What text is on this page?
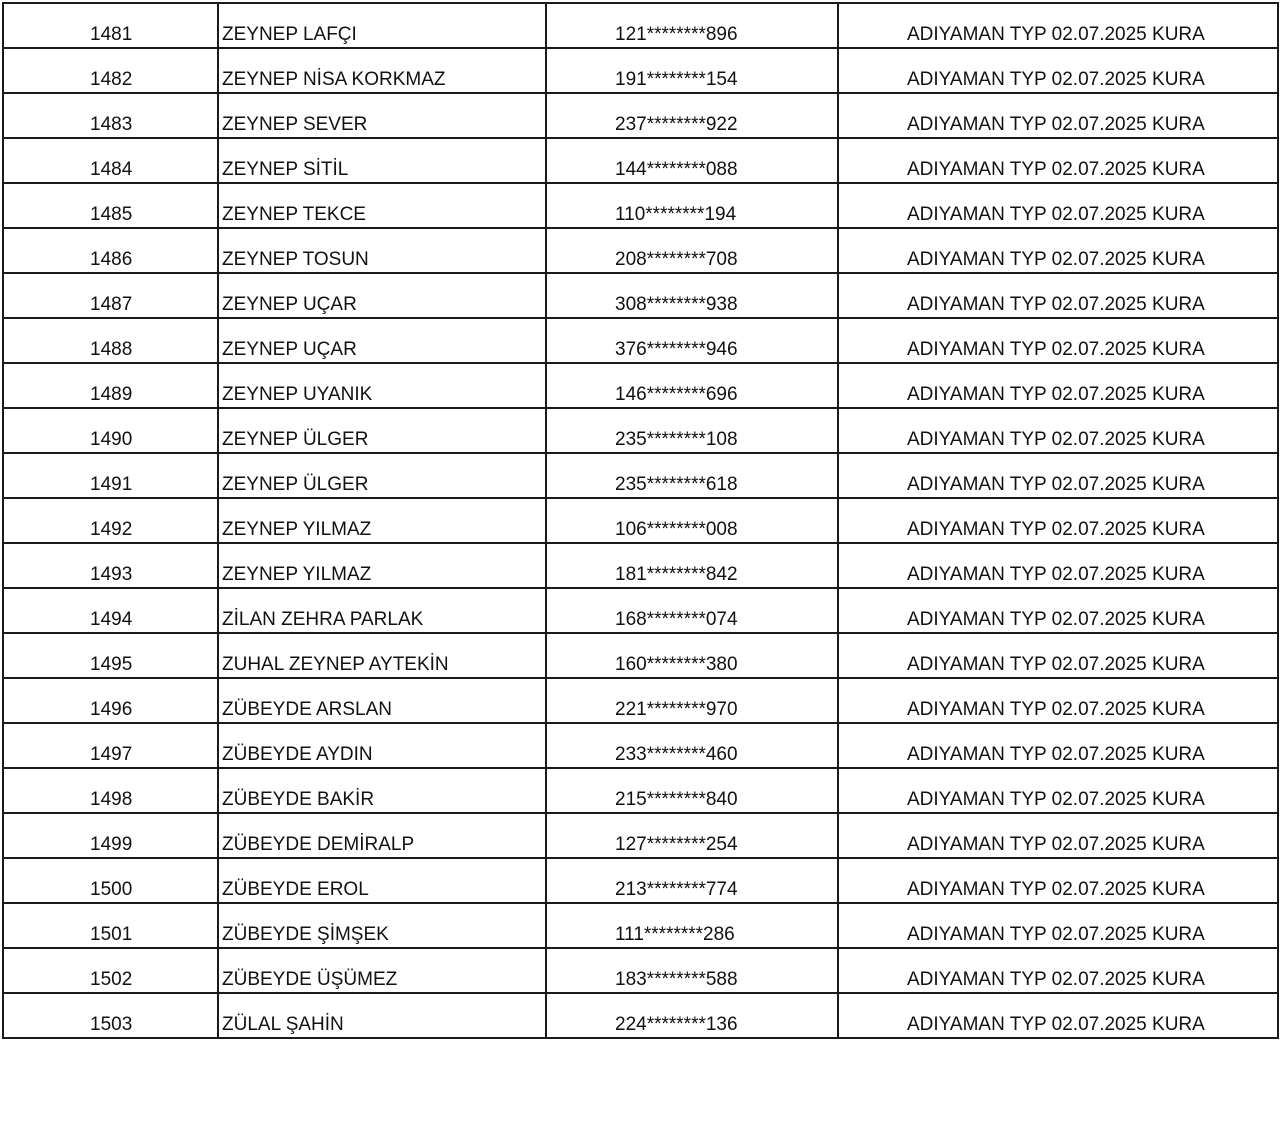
1481	ZEYNEP LAFÇI	121********896	ADIYAMAN TYP 02.07.2025 KURA
1482	ZEYNEP NİSA KORKMAZ	191********154	ADIYAMAN TYP 02.07.2025 KURA
1483	ZEYNEP SEVER	237********922	ADIYAMAN TYP 02.07.2025 KURA
1484	ZEYNEP SİTİL	144********088	ADIYAMAN TYP 02.07.2025 KURA
1485	ZEYNEP TEKCE	110********194	ADIYAMAN TYP 02.07.2025 KURA
1486	ZEYNEP TOSUN	208********708	ADIYAMAN TYP 02.07.2025 KURA
1487	ZEYNEP UÇAR	308********938	ADIYAMAN TYP 02.07.2025 KURA
1488	ZEYNEP UÇAR	376********946	ADIYAMAN TYP 02.07.2025 KURA
1489	ZEYNEP UYANIK	146********696	ADIYAMAN TYP 02.07.2025 KURA
1490	ZEYNEP ÜLGER	235********108	ADIYAMAN TYP 02.07.2025 KURA
1491	ZEYNEP ÜLGER	235********618	ADIYAMAN TYP 02.07.2025 KURA
1492	ZEYNEP YILMAZ	106********008	ADIYAMAN TYP 02.07.2025 KURA
1493	ZEYNEP YILMAZ	181********842	ADIYAMAN TYP 02.07.2025 KURA
1494	ZİLAN ZEHRA PARLAK	168********074	ADIYAMAN TYP 02.07.2025 KURA
1495	ZUHAL ZEYNEP AYTEKİN	160********380	ADIYAMAN TYP 02.07.2025 KURA
1496	ZÜBEYDE ARSLAN	221********970	ADIYAMAN TYP 02.07.2025 KURA
1497	ZÜBEYDE AYDIN	233********460	ADIYAMAN TYP 02.07.2025 KURA
1498	ZÜBEYDE BAKİR	215********840	ADIYAMAN TYP 02.07.2025 KURA
1499	ZÜBEYDE DEMİRALP	127********254	ADIYAMAN TYP 02.07.2025 KURA
1500	ZÜBEYDE EROL	213********774	ADIYAMAN TYP 02.07.2025 KURA
1501	ZÜBEYDE ŞİMŞEK	111********286	ADIYAMAN TYP 02.07.2025 KURA
1502	ZÜBEYDE ÜŞÜMEZ	183********588	ADIYAMAN TYP 02.07.2025 KURA
1503	ZÜLAL ŞAHİN	224********136	ADIYAMAN TYP 02.07.2025 KURA
